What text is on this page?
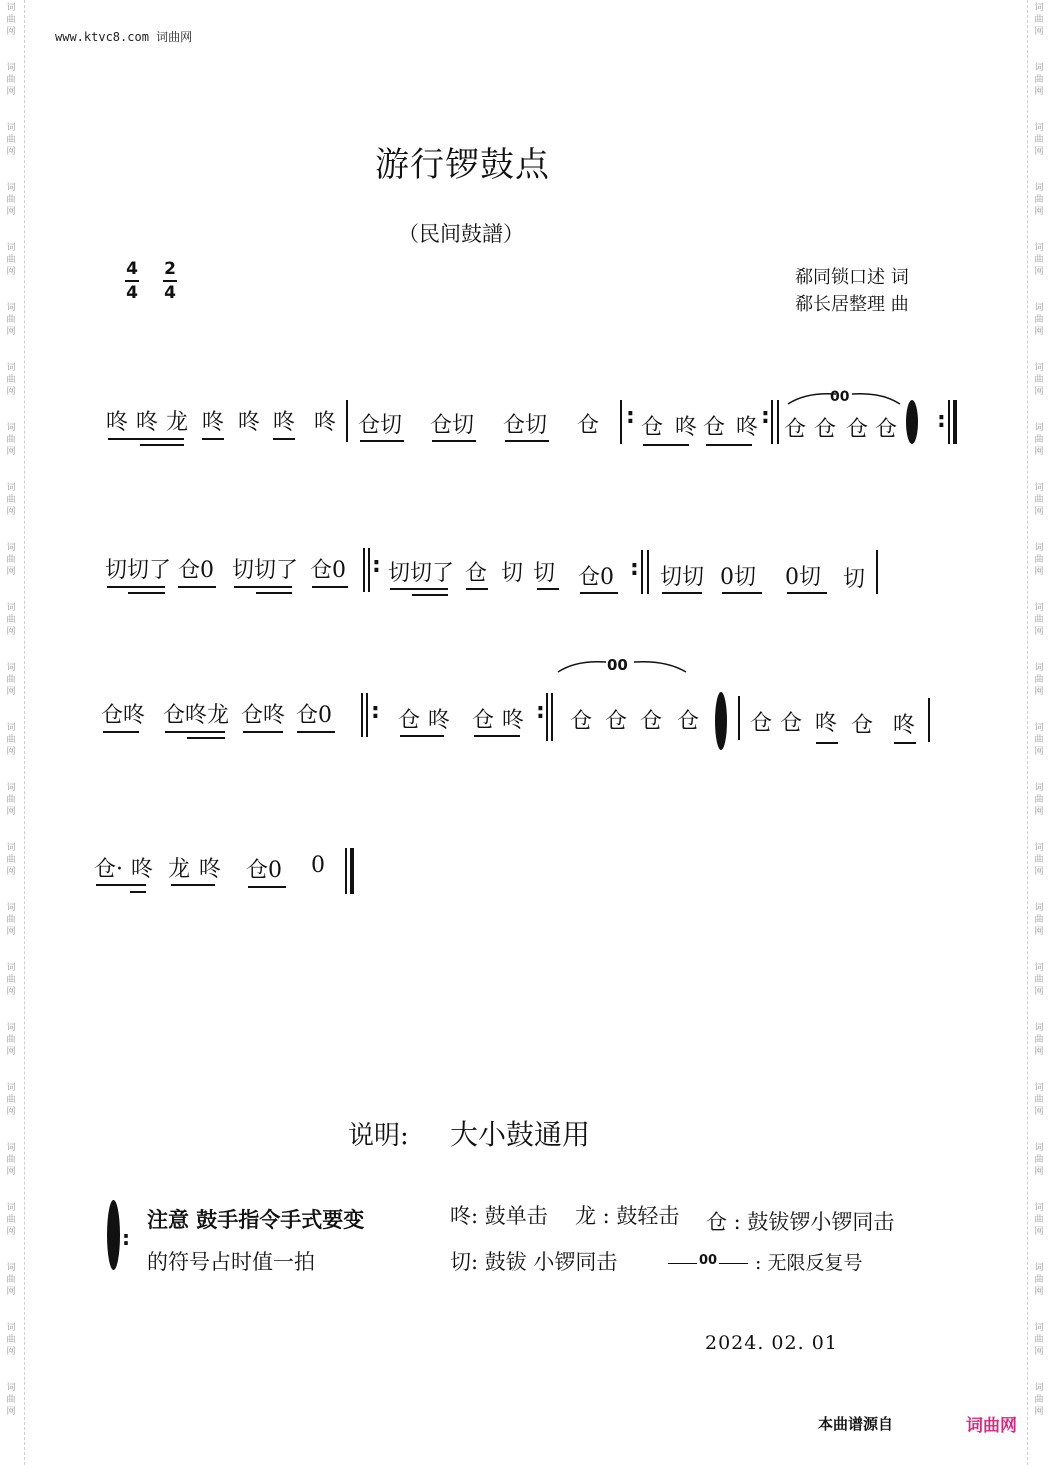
词
曲
网
词
曲
网
词
曲
网
词
曲
网
词
曲
网
词
曲
网
词
曲
网
词
曲
网
词
曲
网
词
曲
网
词
曲
网
词
曲
网
词
曲
网
词
曲
网
词
曲
网
词
曲
网
词
曲
网
词
曲
网
词
曲
网
词
曲
网
词
曲
网
词
曲
网
词
曲
网
词
曲
网
词
曲
网
词
曲
网
词
曲
网
词
曲
网
词
曲
网
词
曲
网
词
曲
网
词
曲
网
词
曲
网
词
曲
网
词
曲
网
词
曲
网
词
曲
网
词
曲
网
词
曲
网
词
曲
网
词
曲
网
词
曲
网
词
曲
网
词
曲
网
词
曲
网
词
曲
网
词
曲
网
词
曲
网
www.ktvc8.com 词曲网
游行锣鼓点
（民间鼓譜）
4
4
2
4
郗同锁口述 词
郗长居整理 曲
咚 咚 龙 咚 咚 咚 咚 仓切 仓切 仓切 仓 : 仓 咚 仓 咚 :
00
仓 仓 仓 仓 :
切切了 仓0 切切了 仓0 : 切切了 仓 切 切 仓0 : 切切 0切 0切 切
仓咚 仓咚龙 仓咚 仓0 : 仓 咚 仓 咚 :
00
仓 仓 仓 仓 仓 仓 咚 仓 咚
仓· 咚 龙 咚 仓0 0
说明: 大小鼓通用
:
注意 鼓手指令手式要变
的符号占时值一拍
咚: 鼓单击 龙 : 鼓轻击 仓 : 鼓钹锣小锣同击
切: 鼓钹 小锣同击	00 : 无限反复号
2024. 02. 01
本曲谱源自	词曲网
